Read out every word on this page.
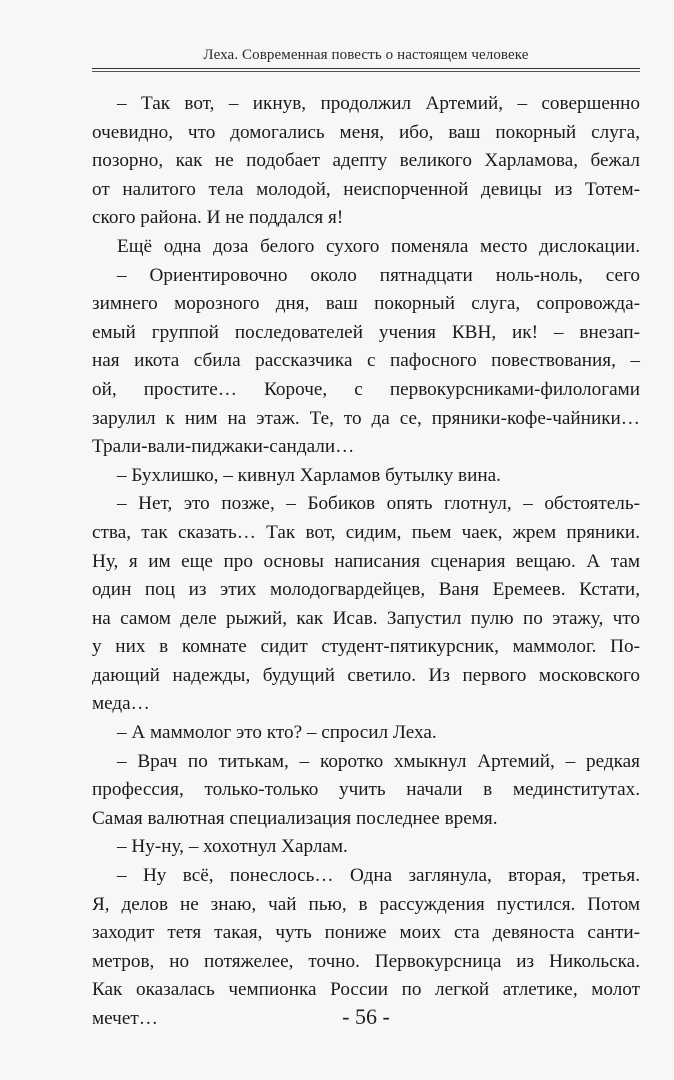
Леха. Современная повесть о настоящем человеке
– Так вот, – икнув, продолжил Артемий, – совершенно
очевидно, что домогались меня, ибо, ваш покорный слуга,
позорно, как не подобает адепту великого Харламова, бежал
от налитого тела молодой, неиспорченной девицы из Тотем-
ского района. И не поддался я!
Ещё одна доза белого сухого поменяла место дислокации.
– Ориентировочно около пятнадцати ноль-ноль, сего
зимнего морозного дня, ваш покорный слуга, сопровожда-
емый группой последователей учения КВН, ик! – внезап-
ная икота сбила рассказчика с пафосного повествования, –
ой, простите… Короче, с первокурсниками-филологами
зарулил к ним на этаж. Те, то да се, пряники-кофе-чайники…
Трали-вали-пиджаки-сандали…
– Бухлишко, – кивнул Харламов бутылку вина.
– Нет, это позже, – Бобиков опять глотнул, – обстоятель-
ства, так сказать… Так вот, сидим, пьем чаек, жрем пряники.
Ну, я им еще про основы написания сценария вещаю. А там
один поц из этих молодогвардейцев, Ваня Еремеев. Кстати,
на самом деле рыжий, как Исав. Запустил пулю по этажу, что
у них в комнате сидит студент-пятикурсник, маммолог. По-
дающий надежды, будущий светило. Из первого московского
меда…
– А маммолог это кто? – спросил Леха.
– Врач по титькам, – коротко хмыкнул Артемий, – редкая
профессия, только-только учить начали в мединститутах.
Самая валютная специализация последнее время.
– Ну-ну, – хохотнул Харлам.
– Ну всё, понеслось… Одна заглянула, вторая, третья.
Я, делов не знаю, чай пью, в рассуждения пустился. Потом
заходит тетя такая, чуть пониже моих ста девяноста санти-
метров, но потяжелее, точно. Первокурсница из Никольска.
Как оказалась чемпионка России по легкой атлетике, молот
мечет…	- 56 -
